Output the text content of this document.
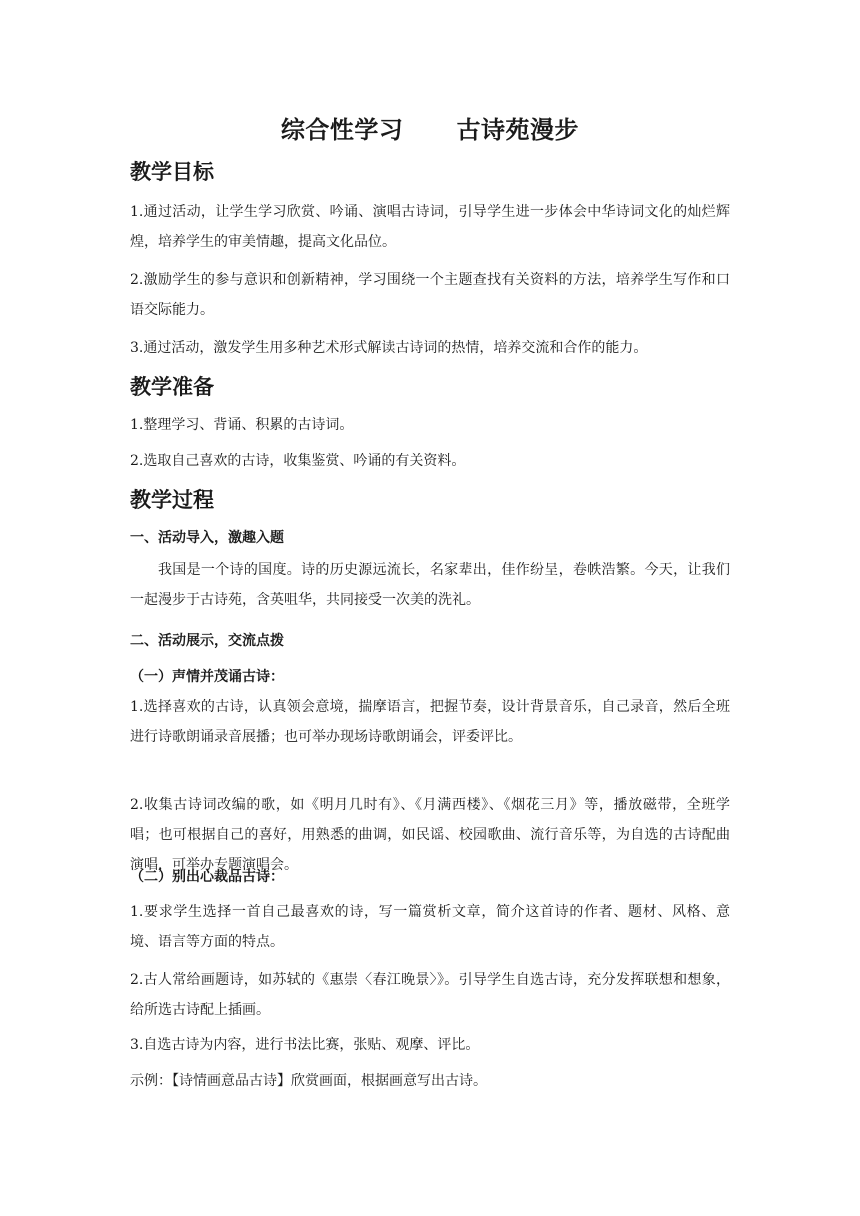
综合性学习      古诗苑漫步
教学目标
1.通过活动，让学生学习欣赏、吟诵、演唱古诗词，引导学生进一步体会中华诗词文化的灿烂辉煌，培养学生的审美情趣，提高文化品位。
2.激励学生的参与意识和创新精神，学习围绕一个主题查找有关资料的方法，培养学生写作和口语交际能力。
3.通过活动，激发学生用多种艺术形式解读古诗词的热情，培养交流和合作的能力。
教学准备
1.整理学习、背诵、积累的古诗词。
2.选取自己喜欢的古诗，收集鉴赏、吟诵的有关资料。
教学过程
一、活动导入，激趣入题
我国是一个诗的国度。诗的历史源远流长，名家辈出，佳作纷呈，卷帙浩繁。今天，让我们一起漫步于古诗苑，含英咀华，共同接受一次美的洗礼。
二、活动展示，交流点拨
（一）声情并茂诵古诗：
1.选择喜欢的古诗，认真领会意境，揣摩语言，把握节奏，设计背景音乐，自己录音，然后全班进行诗歌朗诵录音展播；也可举办现场诗歌朗诵会，评委评比。
2.收集古诗词改编的歌，如《明月几时有》、《月满西楼》、《烟花三月》等，播放磁带，全班学唱；也可根据自己的喜好，用熟悉的曲调，如民谣、校园歌曲、流行音乐等，为自选的古诗配曲演唱，可举办专题演唱会。
（二）别出心裁品古诗：
1.要求学生选择一首自己最喜欢的诗，写一篇赏析文章，简介这首诗的作者、题材、风格、意境、语言等方面的特点。
2.古人常给画题诗，如苏轼的《惠崇〈春江晚景〉》。引导学生自选古诗，充分发挥联想和想象，给所选古诗配上插画。
3.自选古诗为内容，进行书法比赛，张贴、观摩、评比。
示例：【诗情画意品古诗】欣赏画面，根据画意写出古诗。
